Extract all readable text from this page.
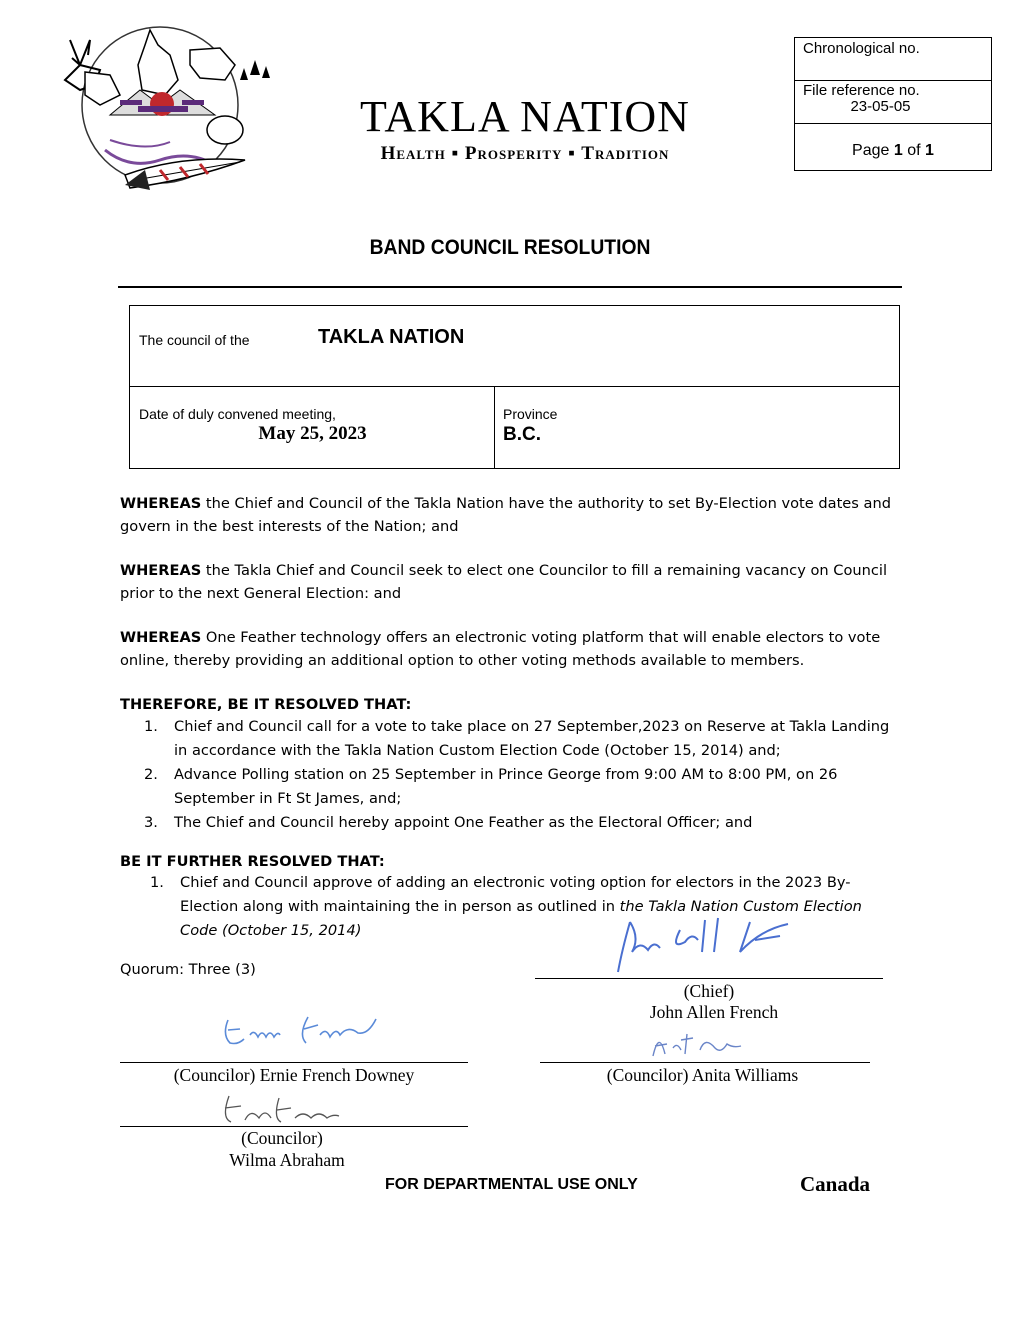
TAKLA NATION
Health ▪ Prosperity ▪ Tradition
Chronological no.
File reference no.
23-05-05
Page 1 of 1
BAND COUNCIL RESOLUTION
The council of the	TAKLA NATION
Date of duly convened meeting,
May 25, 2023
Province
B.C.
WHEREAS the Chief and Council of the Takla Nation have the authority to set By-Election vote dates and govern in the best interests of the Nation; and
WHEREAS the Takla Chief and Council seek to elect one Councilor to fill a remaining vacancy on Council prior to the next General Election: and
WHEREAS One Feather technology offers an electronic voting platform that will enable electors to vote online, thereby providing an additional option to other voting methods available to members.
THEREFORE, BE IT RESOLVED THAT:
1. Chief and Council call for a vote to take place on 27 September,2023 on Reserve at Takla Landing in accordance with the Takla Nation Custom Election Code (October 15, 2014) and;
2. Advance Polling station on 25 September in Prince George from 9:00 AM to 8:00 PM, on 26 September in Ft St James, and;
3. The Chief and Council hereby appoint One Feather as the Electoral Officer; and
BE IT FURTHER RESOLVED THAT:
1. Chief and Council approve of adding an electronic voting option for electors in the 2023 By-Election along with maintaining the in person as outlined in the Takla Nation Custom Election Code (October 15, 2014)
Quorum: Three (3)
(Chief)
John Allen French
(Councilor) Ernie French Downey	(Councilor) Anita Williams
(Councilor)
Wilma Abraham
FOR DEPARTMENTAL USE ONLY	Canada
